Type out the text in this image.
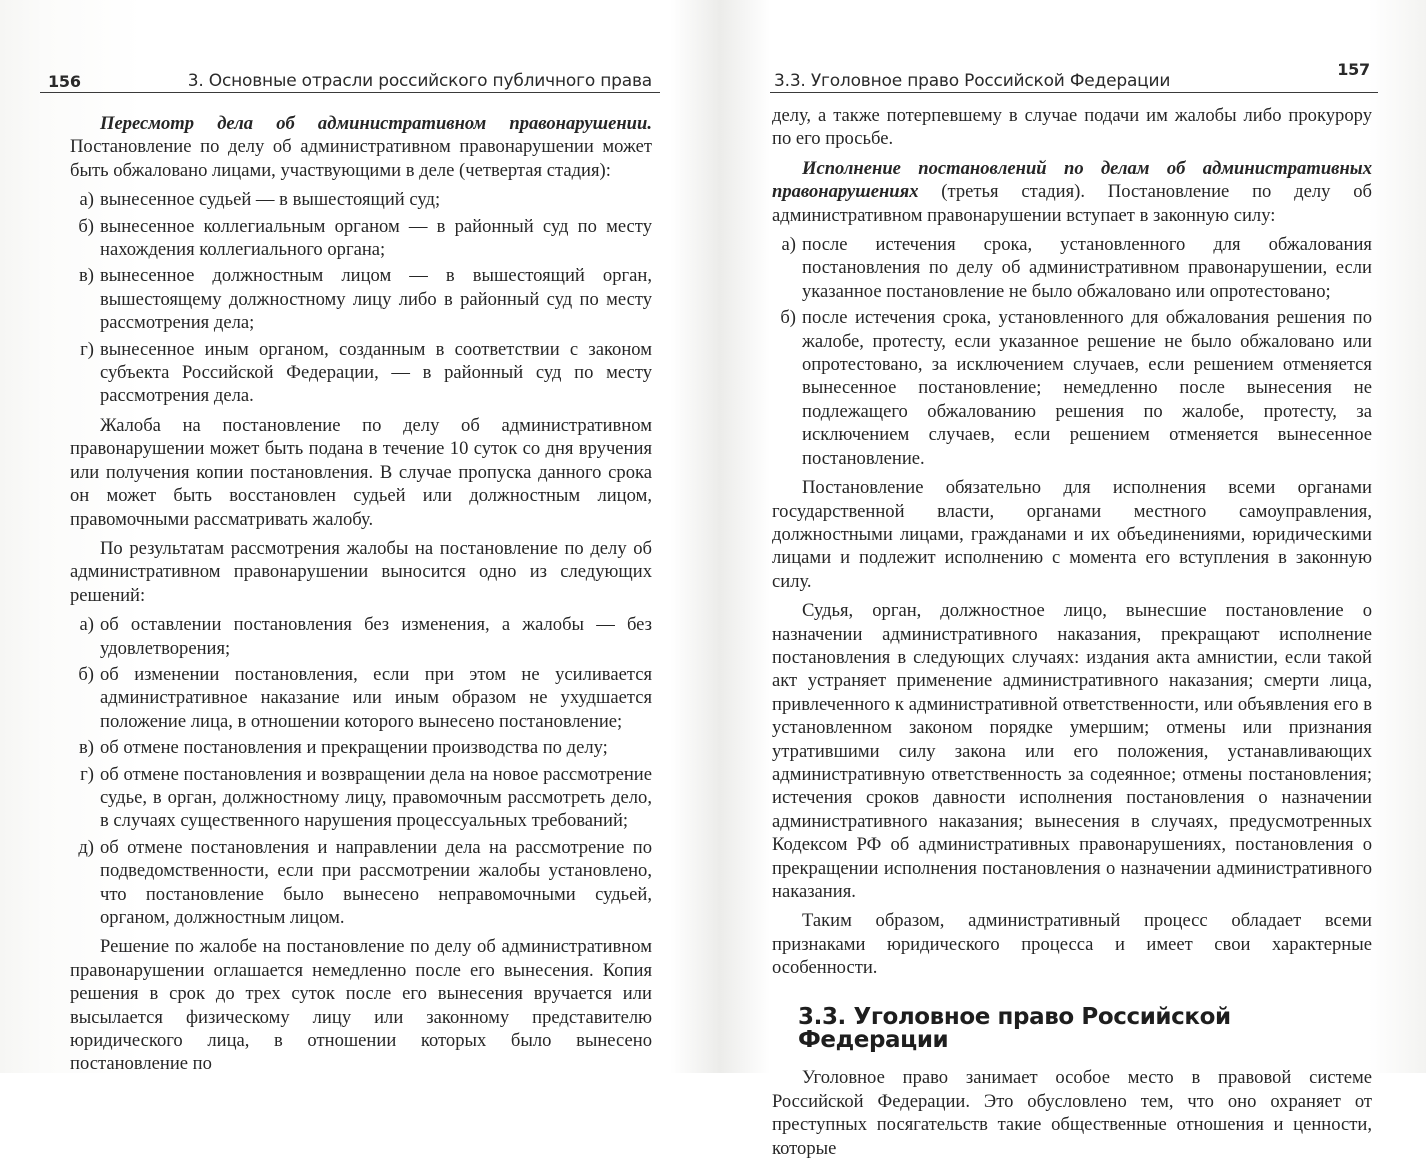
156	3. Основные отрасли российского публичного права

Пересмотр дела об административном правонарушении. Постановление по делу об административном правонарушении может быть обжаловано лицами, участвующими в деле (четвертая стадия):

а) вынесенное судьей — в вышестоящий суд;
б) вынесенное коллегиальным органом — в районный суд по месту нахождения коллегиального органа;
в) вынесенное должностным лицом — в вышестоящий орган, вышестоящему должностному лицу либо в районный суд по месту рассмотрения дела;
г) вынесенное иным органом, созданным в соответствии с законом субъекта Российской Федерации, — в районный суд по месту рассмотрения дела.

Жалоба на постановление по делу об административном правонарушении может быть подана в течение 10 суток со дня вручения или получения копии постановления. В случае пропуска данного срока он может быть восстановлен судьей или должностным лицом, правомочными рассматривать жалобу.

По результатам рассмотрения жалобы на постановление по делу об административном правонарушении выносится одно из следующих решений:

а) об оставлении постановления без изменения, а жалобы — без удовлетворения;
б) об изменении постановления, если при этом не усиливается административное наказание или иным образом не ухудшается положение лица, в отношении которого вынесено постановление;
в) об отмене постановления и прекращении производства по делу;
г) об отмене постановления и возвращении дела на новое рассмотрение судье, в орган, должностному лицу, правомочным рассмотреть дело, в случаях существенного нарушения процессуальных требований;
д) об отмене постановления и направлении дела на рассмотрение по подведомственности, если при рассмотрении жалобы установлено, что постановление было вынесено неправомочными судьей, органом, должностным лицом.

Решение по жалобе на постановление по делу об административном правонарушении оглашается немедленно после его вынесения. Копия решения в срок до трех суток после его вынесения вручается или высылается физическому лицу или законному представителю юридического лица, в отношении которых было вынесено постановление по

3.3. Уголовное право Российской Федерации
157

делу, а также потерпевшему в случае подачи им жалобы либо прокурору по его просьбе.

Исполнение постановлений по делам об административных правонарушениях (третья стадия). Постановление по делу об административном правонарушении вступает в законную силу:

а) после истечения срока, установленного для обжалования постановления по делу об административном правонарушении, если указанное постановление не было обжаловано или опротестовано;
б) после истечения срока, установленного для обжалования решения по жалобе, протесту, если указанное решение не было обжаловано или опротестовано, за исключением случаев, если решением отменяется вынесенное постановление; немедленно после вынесения не подлежащего обжалованию решения по жалобе, протесту, за исключением случаев, если решением отменяется вынесенное постановление.

Постановление обязательно для исполнения всеми органами государственной власти, органами местного самоуправления, должностными лицами, гражданами и их объединениями, юридическими лицами и подлежит исполнению с момента его вступления в законную силу.

Судья, орган, должностное лицо, вынесшие постановление о назначении административного наказания, прекращают исполнение постановления в следующих случаях: издания акта амнистии, если такой акт устраняет применение административного наказания; смерти лица, привлеченного к административной ответственности, или объявления его в установленном законом порядке умершим; отмены или признания утратившими силу закона или его положения, устанавливающих административную ответственность за содеянное; отмены постановления; истечения сроков давности исполнения постановления о назначении административного наказания; вынесения в случаях, предусмотренных Кодексом РФ об административных правонарушениях, постановления о прекращении исполнения постановления о назначении административного наказания.

Таким образом, административный процесс обладает всеми признаками юридического процесса и имеет свои характерные особенности.

3.3. Уголовное право Российской Федерации

Уголовное право занимает особое место в правовой системе Российской Федерации. Это обусловлено тем, что оно охраняет от преступных посягательств такие общественные отношения и ценности, которые
